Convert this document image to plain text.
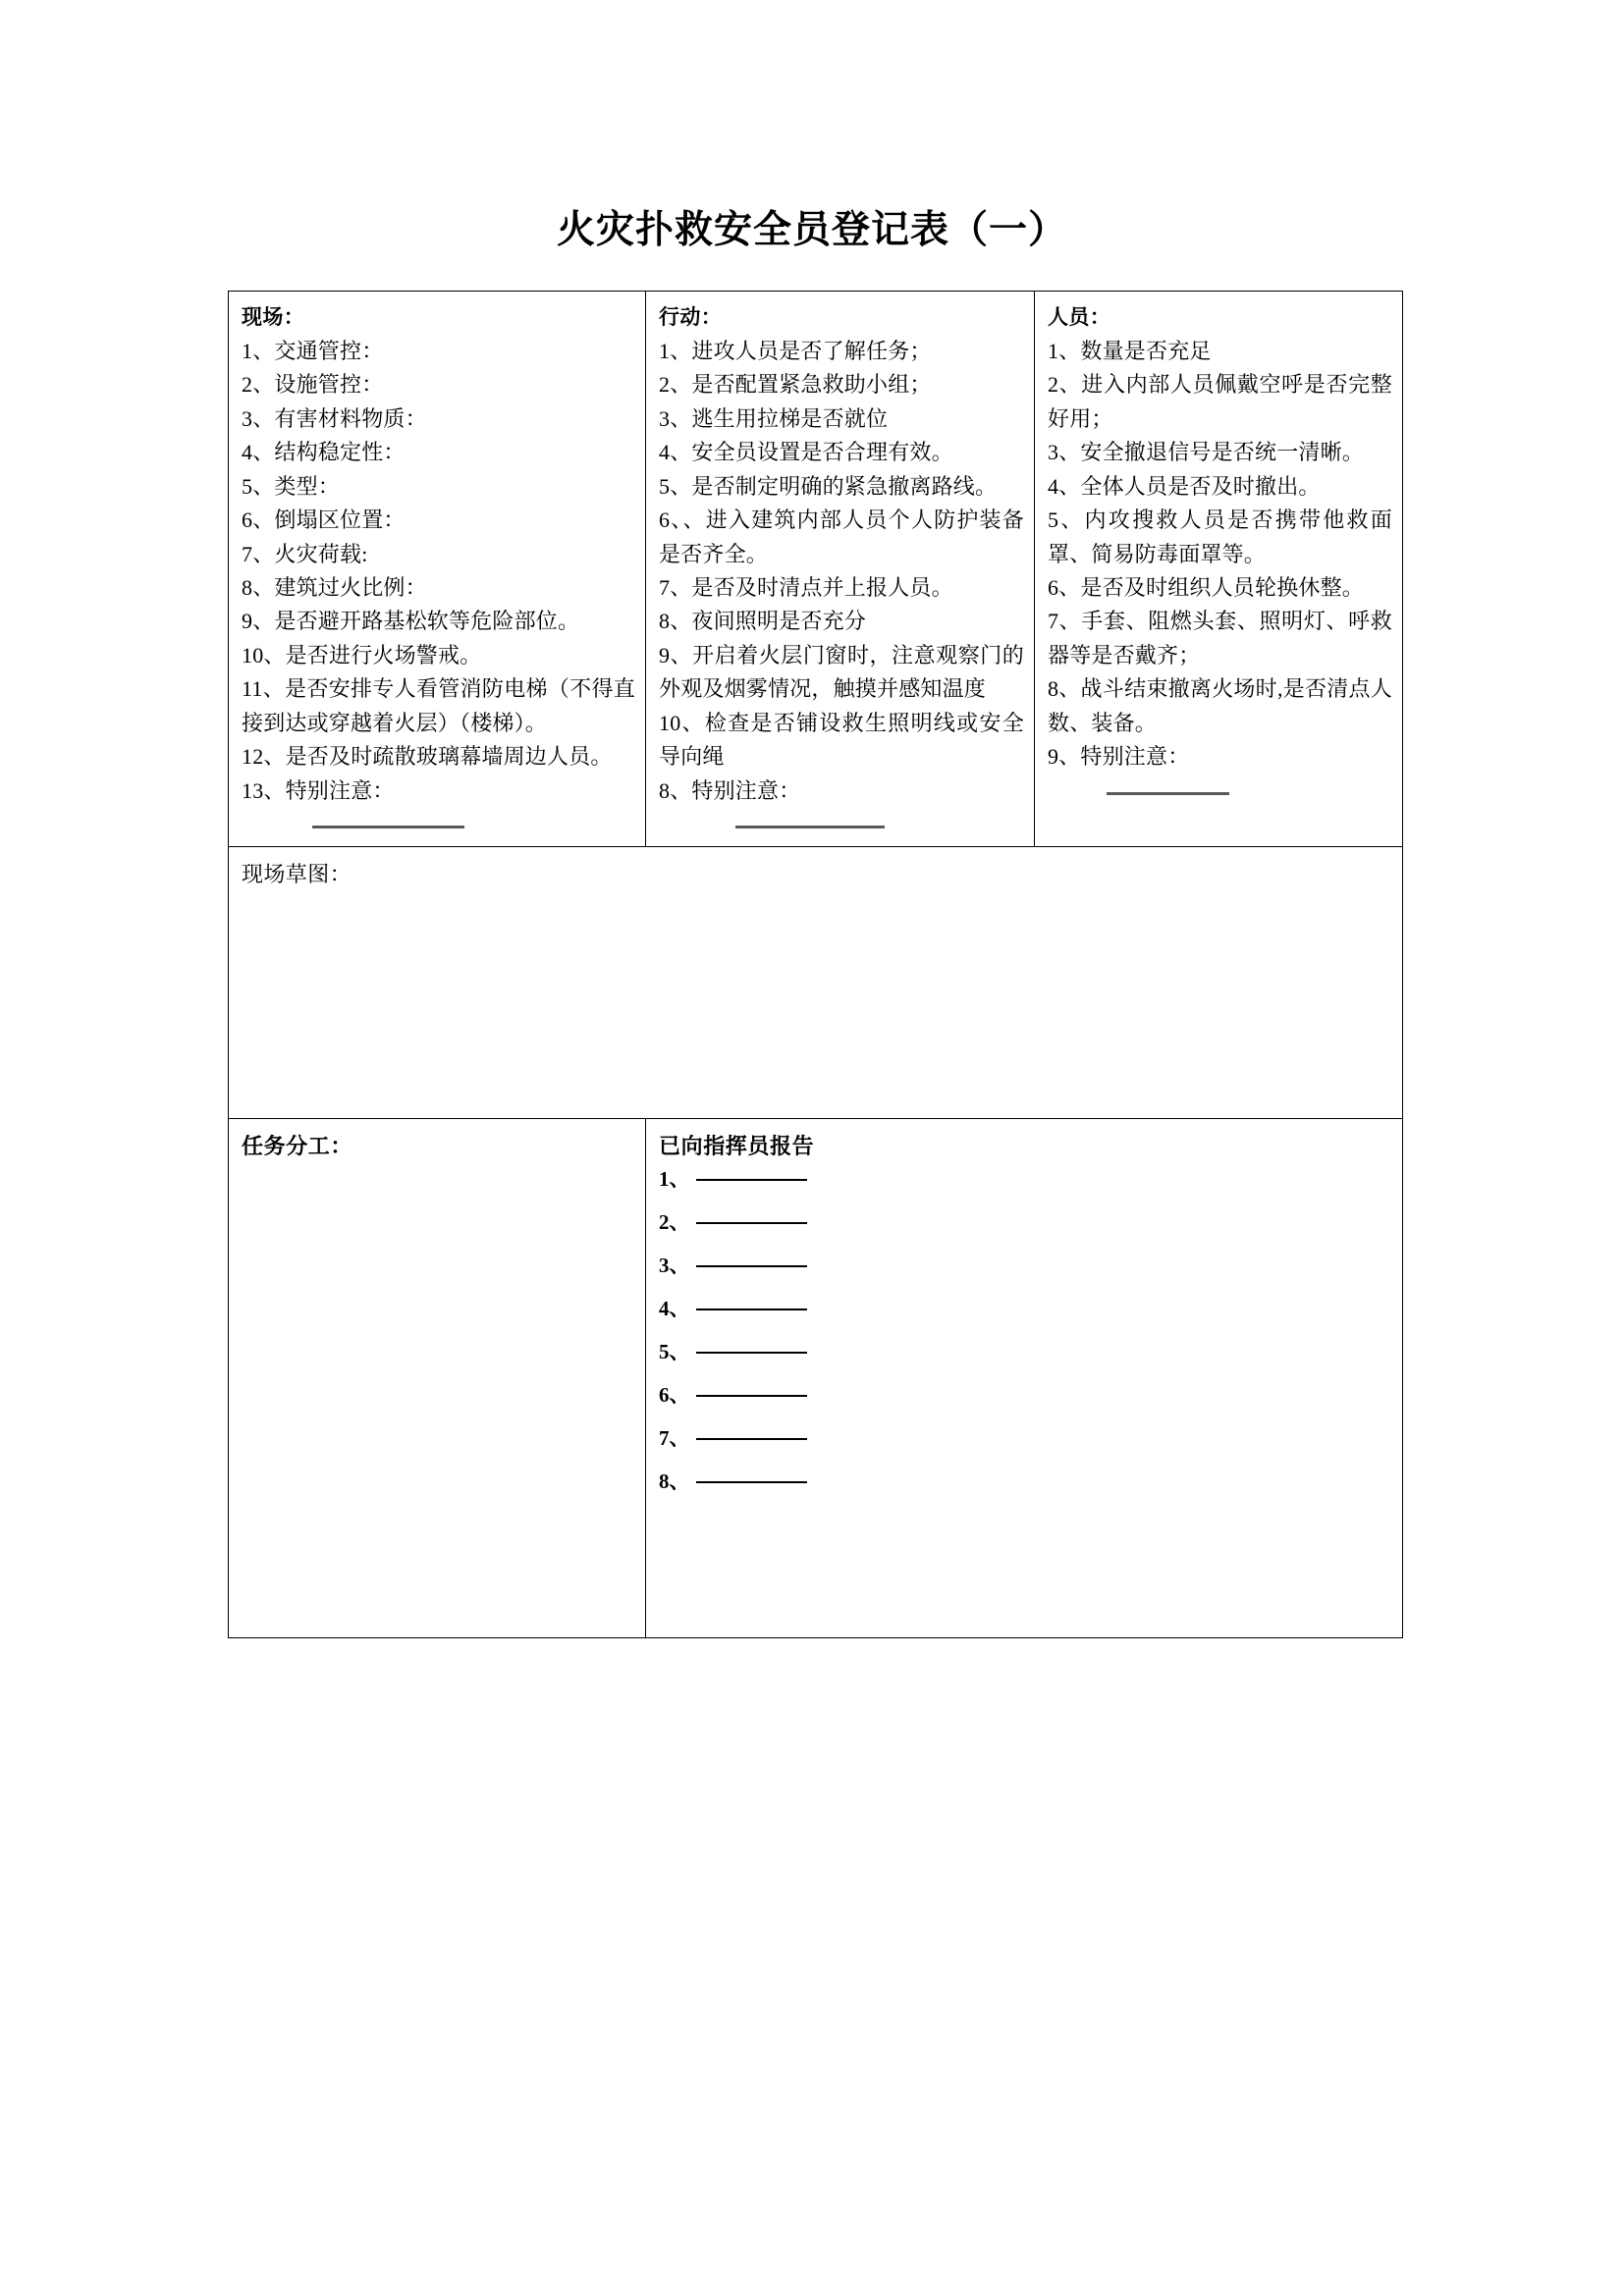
火灾扑救安全员登记表（一）
现场：
1、交通管控：
2、设施管控：
3、有害材料物质：
4、结构稳定性：
5、类型：
6、倒塌区位置：
7、火灾荷载:
8、建筑过火比例：
9、是否避开路基松软等危险部位。
10、是否进行火场警戒。
11、是否安排专人看管消防电梯（不得直接到达或穿越着火层）（楼梯）。
12、是否及时疏散玻璃幕墙周边人员。
13、特别注意：

行动：
1、进攻人员是否了解任务；
2、是否配置紧急救助小组；
3、逃生用拉梯是否就位
4、安全员设置是否合理有效。
5、是否制定明确的紧急撤离路线。
6、、进入建筑内部人员个人防护装备是否齐全。
7、是否及时清点并上报人员。
8、夜间照明是否充分
9、开启着火层门窗时，注意观察门的外观及烟雾情况，触摸并感知温度
10、检查是否铺设救生照明线或安全导向绳
8、特别注意：

人员：
1、数量是否充足
2、进入内部人员佩戴空呼是否完整好用；
3、安全撤退信号是否统一清晰。
4、全体人员是否及时撤出。
5、内攻搜救人员是否携带他救面罩、简易防毒面罩等。
6、是否及时组织人员轮换休整。
7、手套、阻燃头套、照明灯、呼救器等是否戴齐；
8、战斗结束撤离火场时,是否清点人数、装备。
9、特别注意：

现场草图：		

任务分工：	已向指挥员报告
1、
2、
3、
4、
5、
6、
7、
8、
